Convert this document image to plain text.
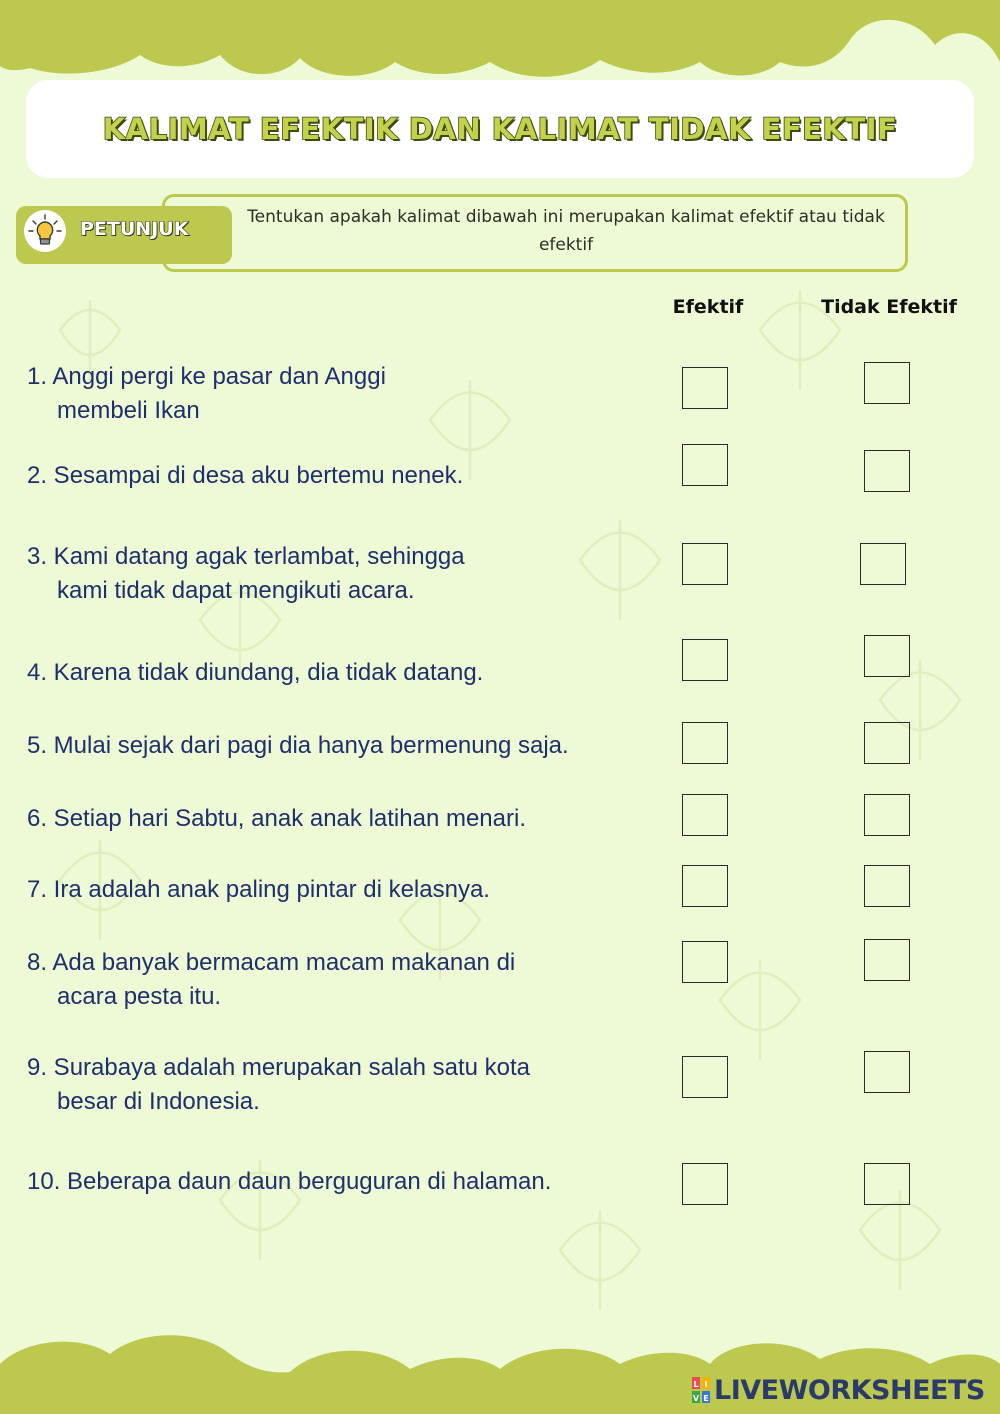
KALIMAT EFEKTIK DAN KALIMAT TIDAK EFEKTIF
Tentukan apakah kalimat dibawah ini merupakan kalimat efektif atau tidak efektif
PETUNJUK
Efektif	Tidak Efektif
1. Anggi pergi ke pasar dan Anggi
membeli Ikan
2. Sesampai di desa aku bertemu nenek.
3. Kami datang agak terlambat, sehingga
kami tidak dapat mengikuti acara.
4. Karena tidak diundang, dia tidak datang.
5. Mulai sejak dari pagi dia hanya bermenung saja.
6. Setiap hari Sabtu, anak anak latihan menari.
7. Ira adalah anak paling pintar di kelasnya.
8. Ada banyak bermacam macam makanan di
acara pesta itu.
9. Surabaya adalah merupakan salah satu kota
besar di Indonesia.
10. Beberapa daun daun berguguran di halaman.
L I
V E LIVEWORKSHEETS
